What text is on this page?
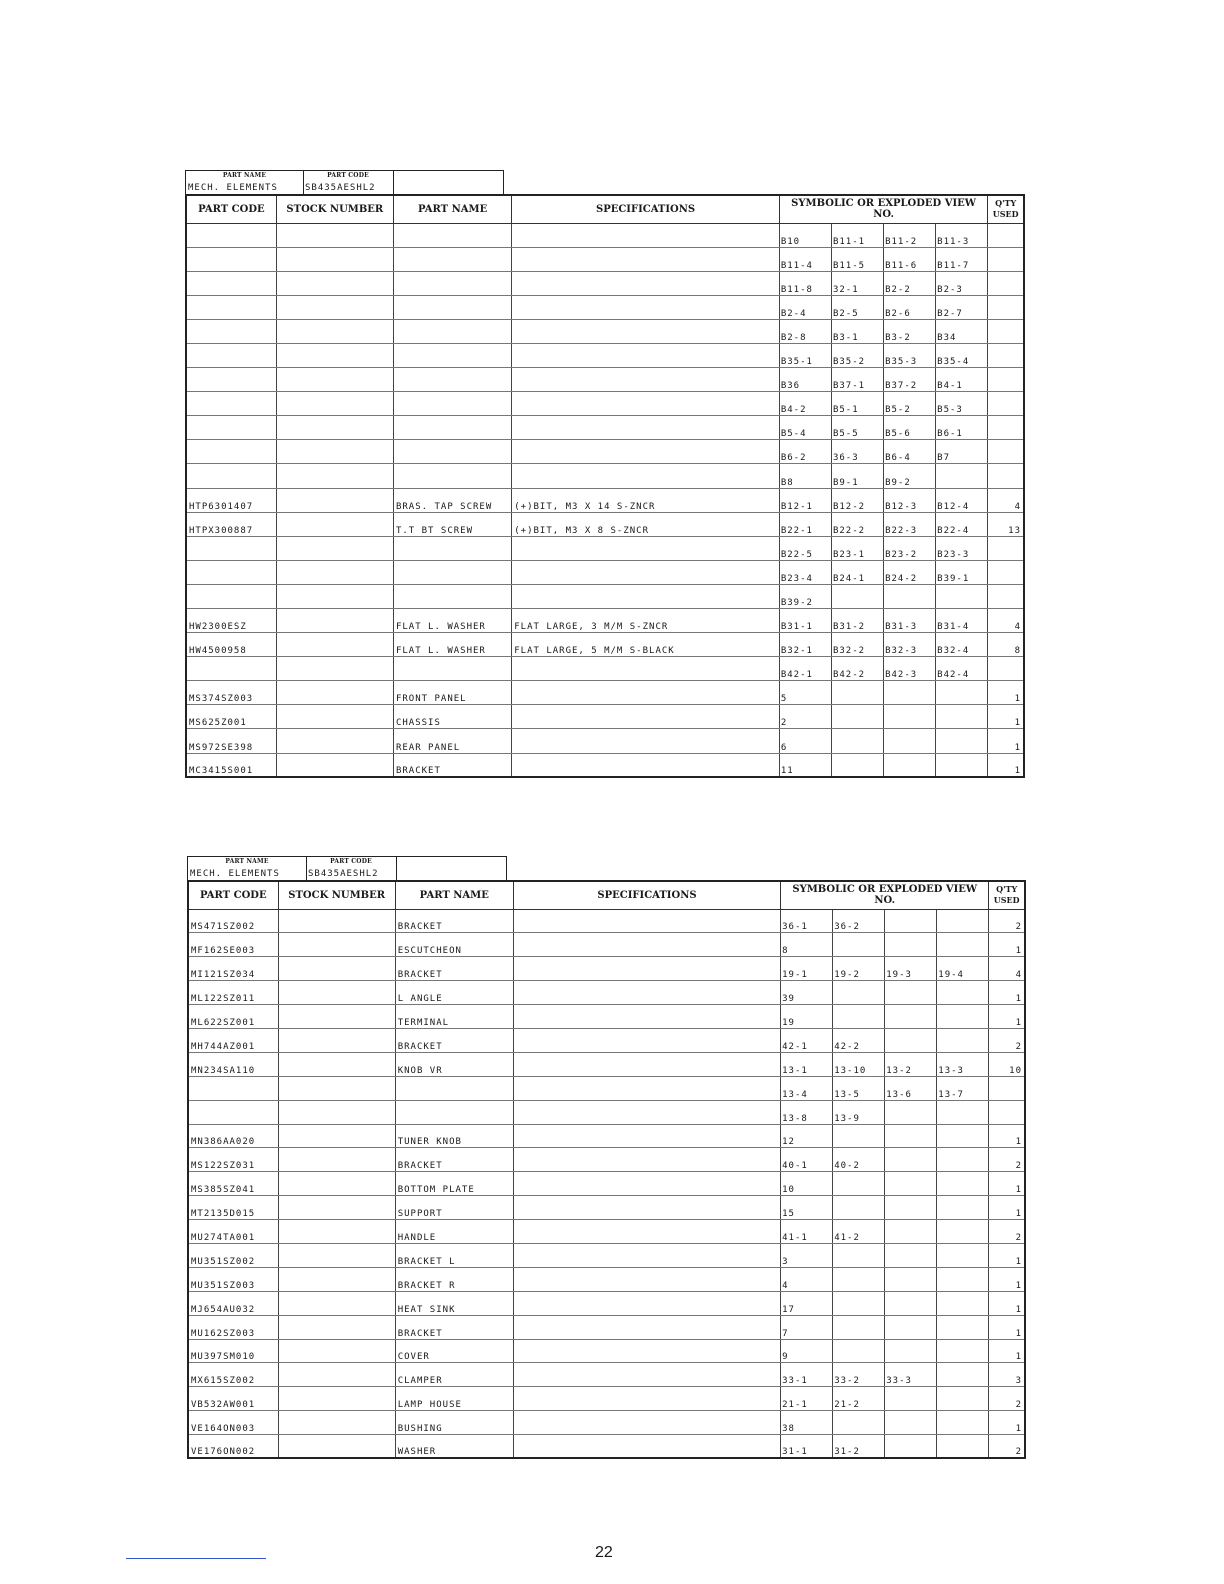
PART NAME
MECH. ELEMENTS
PART CODE
SB435AESHL2
PART CODE	STOCK NUMBER	PART NAME	SPECIFICATIONS	SYMBOLIC OR EXPLODED VIEW NO.				Q'TY USED
				B10	B11-1	B11-2	B11-3	
				B11-4	B11-5	B11-6	B11-7	
				B11-8	32-1	B2-2	B2-3	
				B2-4	B2-5	B2-6	B2-7	
				B2-8	B3-1	B3-2	B34	
				B35-1	B35-2	B35-3	B35-4	
				B36	B37-1	B37-2	B4-1	
				B4-2	B5-1	B5-2	B5-3	
				B5-4	B5-5	B5-6	B6-1	
				B6-2	36-3	B6-4	B7	
				B8	B9-1	B9-2		
HTP6301407		BRAS. TAP SCREW	(+)BIT, M3 X 14 S-ZNCR	B12-1	B12-2	B12-3	B12-4	4
HTPX300887		T.T BT SCREW	(+)BIT, M3 X 8 S-ZNCR	B22-1	B22-2	B22-3	B22-4	13
				B22-5	B23-1	B23-2	B23-3	
				B23-4	B24-1	B24-2	B39-1	
				B39-2				
HW2300ESZ		FLAT L. WASHER	FLAT LARGE, 3 M/M S-ZNCR	B31-1	B31-2	B31-3	B31-4	4
HW4500958		FLAT L. WASHER	FLAT LARGE, 5 M/M S-BLACK	B32-1	B32-2	B32-3	B32-4	8
				B42-1	B42-2	B42-3	B42-4	
MS374SZ003		FRONT PANEL		5				1
MS625Z001		CHASSIS		2				1
MS972SE398		REAR PANEL		6				1
MC3415S001		BRACKET		11				1
PART NAME
MECH. ELEMENTS
PART CODE
SB435AESHL2
PART CODE	STOCK NUMBER	PART NAME	SPECIFICATIONS	SYMBOLIC OR EXPLODED VIEW NO.				Q'TY USED
MS471SZ002		BRACKET		36-1	36-2			2
MF162SE003		ESCUTCHEON		8				1
MI121SZ034		BRACKET		19-1	19-2	19-3	19-4	4
ML122SZ011		L ANGLE		39				1
ML622SZ001		TERMINAL		19				1
MH744AZ001		BRACKET		42-1	42-2			2
MN234SA110		KNOB VR		13-1	13-10	13-2	13-3	10
				13-4	13-5	13-6	13-7	
				13-8	13-9			
MN386AA020		TUNER KNOB		12				1
MS122SZ031		BRACKET		40-1	40-2			2
MS385SZ041		BOTTOM PLATE		10				1
MT2135D015		SUPPORT		15				1
MU274TA001		HANDLE		41-1	41-2			2
MU351SZ002		BRACKET L		3				1
MU351SZ003		BRACKET R		4				1
MJ654AU032		HEAT SINK		17				1
MU162SZ003		BRACKET		7				1
MU397SM010		COVER		9				1
MX615SZ002		CLAMPER		33-1	33-2	33-3		3
VB532AW001		LAMP HOUSE		21-1	21-2			2
VE164ON003		BUSHING		38				1
VE176ON002		WASHER		31-1	31-2			2
22
